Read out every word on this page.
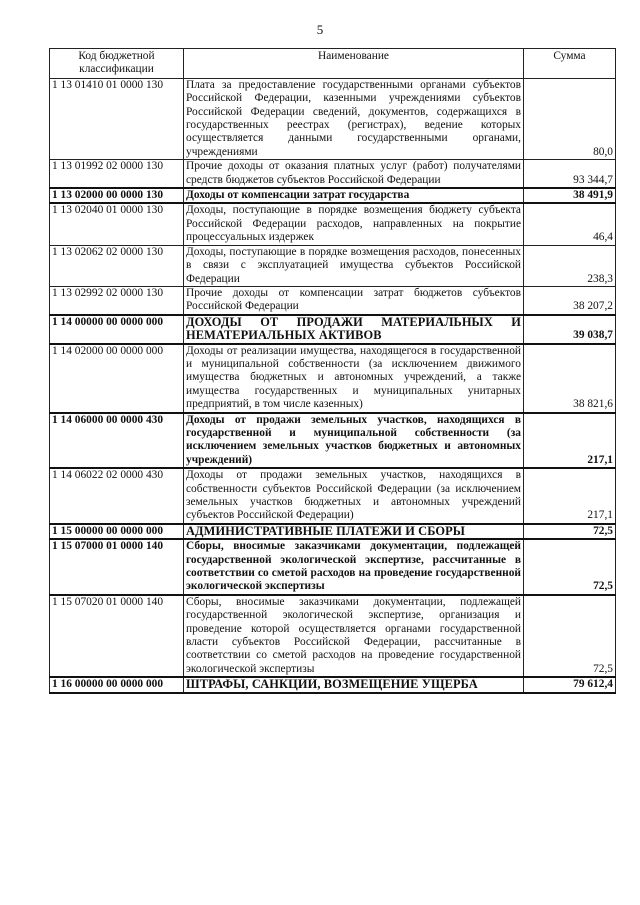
5
Код бюджетной классификации	Наименование	Сумма
1 13 01410 01 0000 130	Плата за предоставление государственными органами субъектов Российской Федерации, казенными учреждениями субъектов Российской Федерации сведений, документов, содержащихся в государственных реестрах (регистрах), ведение которых осуществляется данными государственными органами, учреждениями	80,0
1 13 01992 02 0000 130	Прочие доходы от оказания платных услуг (работ) получателями средств бюджетов субъектов Российской Федерации	93 344,7
1 13 02000 00 0000 130	Доходы от компенсации затрат государства	38 491,9
1 13 02040 01 0000 130	Доходы, поступающие в порядке возмещения бюджету субъекта Российской Федерации расходов, направленных на покрытие процессуальных издержек	46,4
1 13 02062 02 0000 130	Доходы, поступающие в порядке возмещения расходов, понесенных в связи с эксплуатацией имущества субъектов Российской Федерации	238,3
1 13 02992 02 0000 130	Прочие доходы от компенсации затрат бюджетов субъектов Российской Федерации	38 207,2
1 14 00000 00 0000 000	ДОХОДЫ ОТ ПРОДАЖИ МАТЕРИАЛЬНЫХ И НЕМАТЕРИАЛЬНЫХ АКТИВОВ	39 038,7
1 14 02000 00 0000 000	Доходы от реализации имущества, находящегося в государственной и муниципальной собственности (за исключением движимого имущества бюджетных и автономных учреждений, а также имущества государственных и муниципальных унитарных предприятий, в том числе казенных)	38 821,6
1 14 06000 00 0000 430	Доходы от продажи земельных участков, находящихся в государственной и муниципальной собственности (за исключением земельных участков бюджетных и автономных учреждений)	217,1
1 14 06022 02 0000 430	Доходы от продажи земельных участков, находящихся в собственности субъектов Российской Федерации (за исключением земельных участков бюджетных и автономных учреждений субъектов Российской Федерации)	217,1
1 15 00000 00 0000 000	АДМИНИСТРАТИВНЫЕ ПЛАТЕЖИ И СБОРЫ	72,5
1 15 07000 01 0000 140	Сборы, вносимые заказчиками документации, подлежащей государственной экологической экспертизе, рассчитанные в соответствии со сметой расходов на проведение государственной экологической экспертизы	72,5
1 15 07020 01 0000 140	Сборы, вносимые заказчиками документации, подлежащей государственной экологической экспертизе, организация и проведение которой осуществляется органами государственной власти субъектов Российской Федерации, рассчитанные в соответствии со сметой расходов на проведение государственной экологической экспертизы	72,5
1 16 00000 00 0000 000	ШТРАФЫ, САНКЦИИ, ВОЗМЕЩЕНИЕ УЩЕРБА	79 612,4
